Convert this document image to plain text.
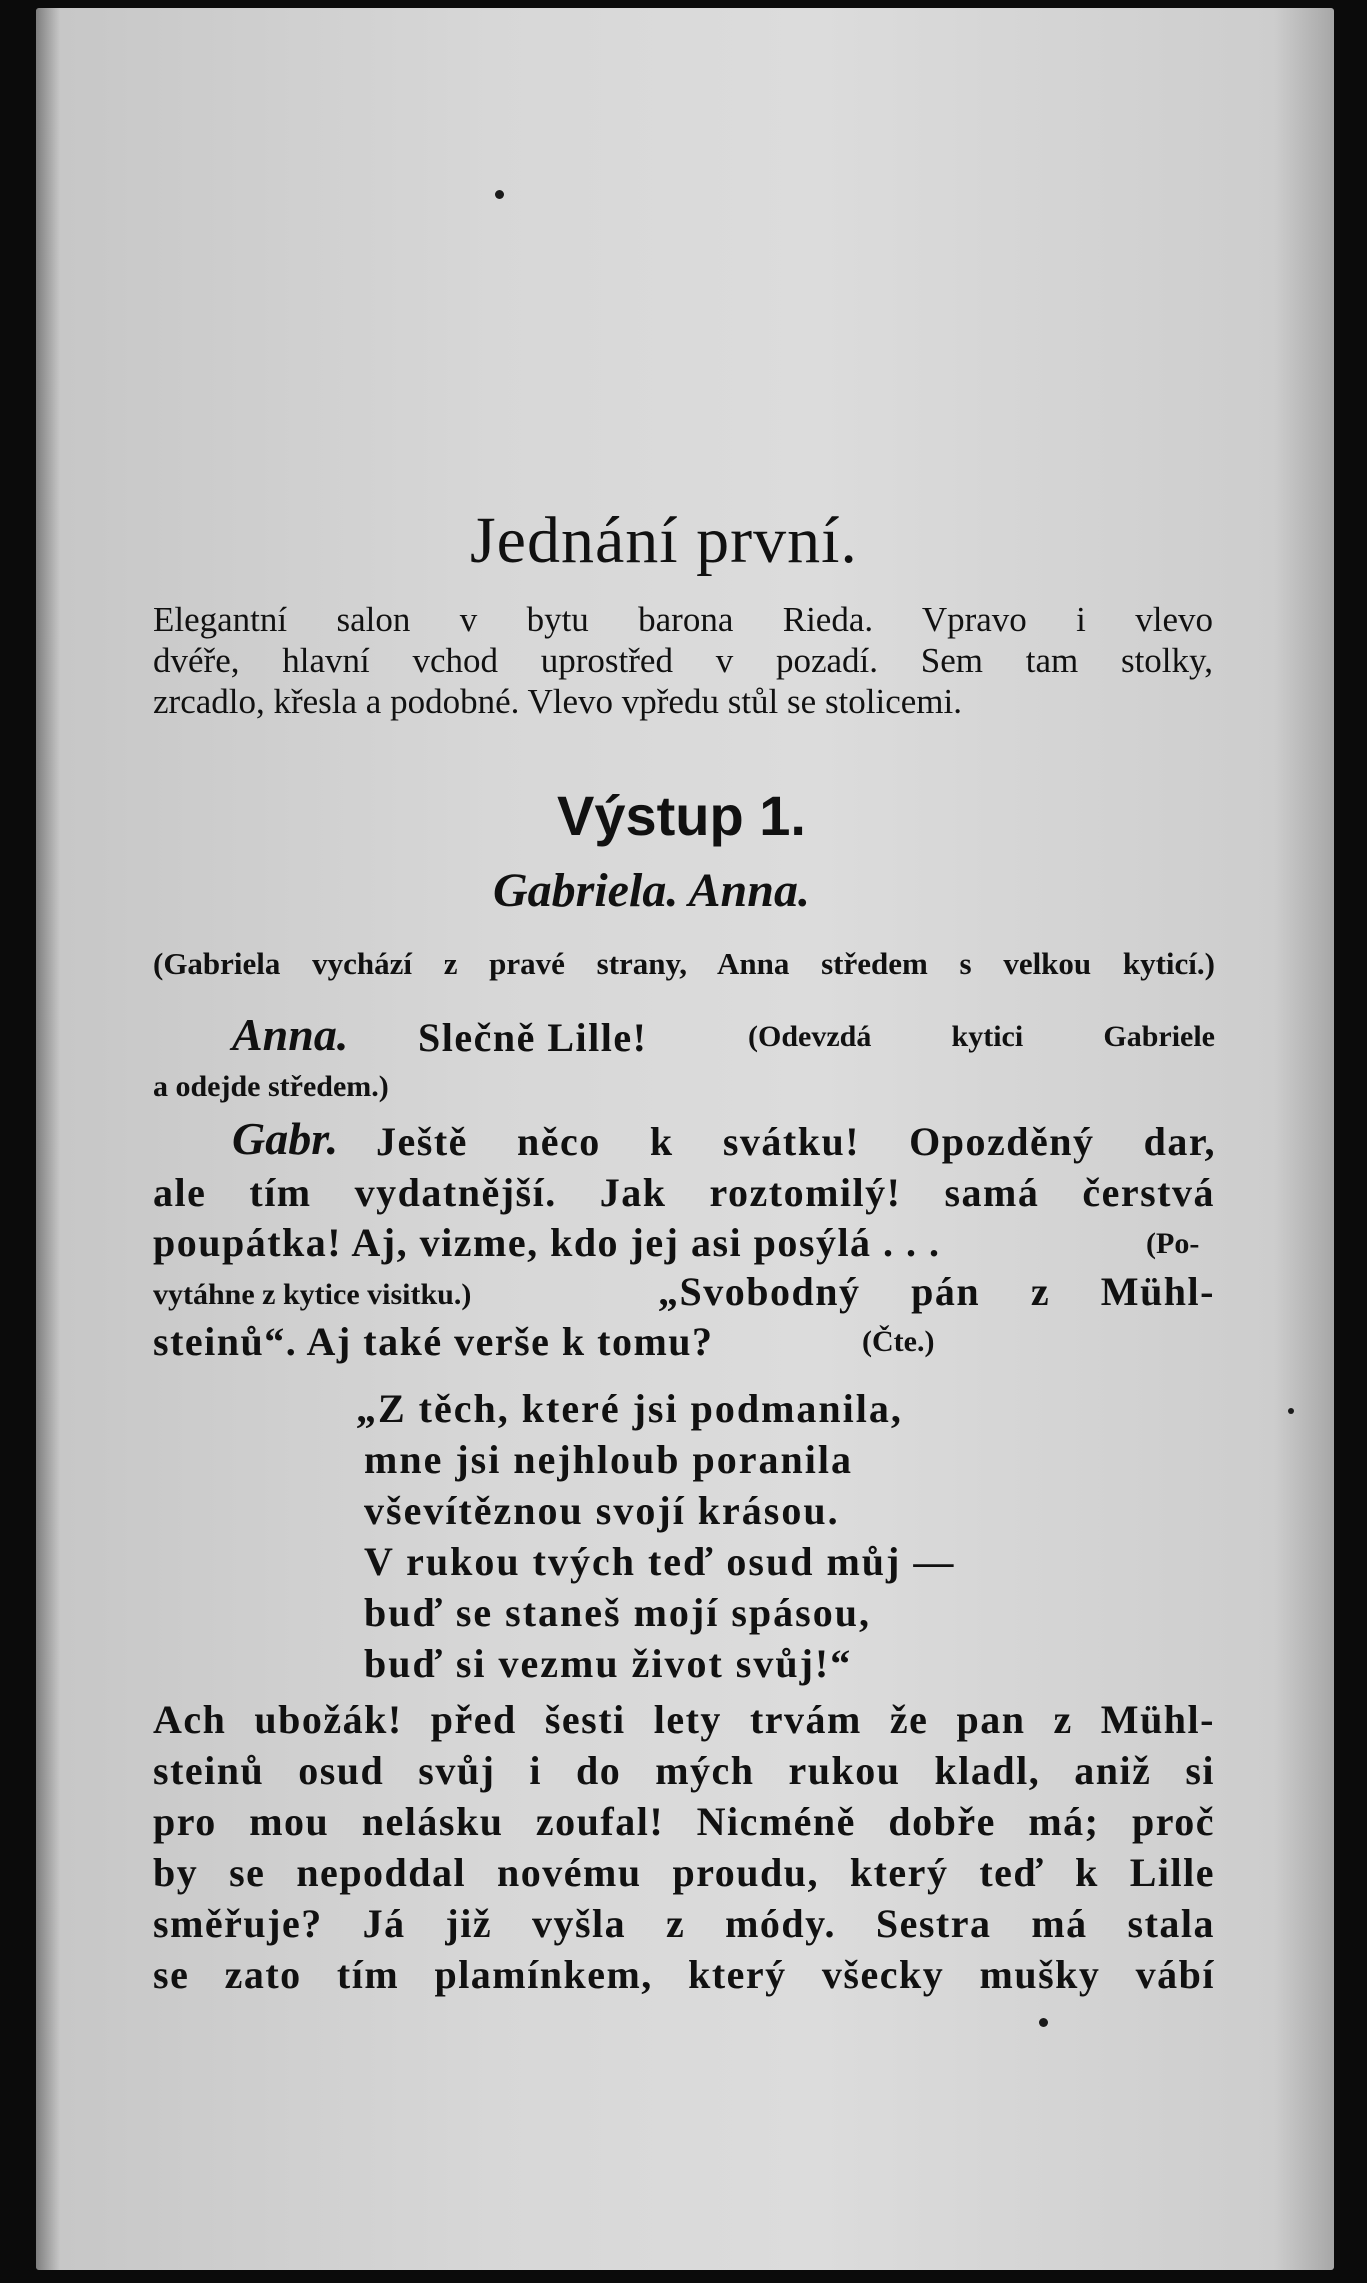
Jednání první.
Elegantní salon v bytu barona Rieda. Vpravo i vlevo
dvéře, hlavní vchod uprostřed v pozadí. Sem tam stolky,
zrcadlo, křesla a podobné. Vlevo vpředu stůl se stolicemi.
Výstup 1.
Gabriela. Anna.
(Gabriela vychází z pravé strany, Anna středem s velkou kyticí.)
Anna. Slečně Lille!	(Odevzdá kytici Gabriele
a odejde středem.)
Gabr. Ještě něco k svátku! Opozděný dar,
ale tím vydatnější. Jak roztomilý! samá čerstvá
poupátka! Aj, vizme, kdo jej asi posýlá . . .	(Po-
vytáhne z kytice visitku.)	„Svobodný pán z Mühl-
steinů“. Aj také verše k tomu?	(Čte.)
„Z těch, které jsi podmanila,
mne jsi nejhloub poranila
vševítěznou svojí krásou.
V rukou tvých teď osud můj —
buď se staneš mojí spásou,
buď si vezmu život svůj!“
Ach ubožák! před šesti lety trvám že pan z Mühl-
steinů osud svůj i do mých rukou kladl, aniž si
pro mou nelásku zoufal! Nicméně dobře má; proč
by se nepoddal novému proudu, který teď k Lille
směřuje? Já již vyšla z módy. Sestra má stala
se zato tím plamínkem, který všecky mušky vábí
